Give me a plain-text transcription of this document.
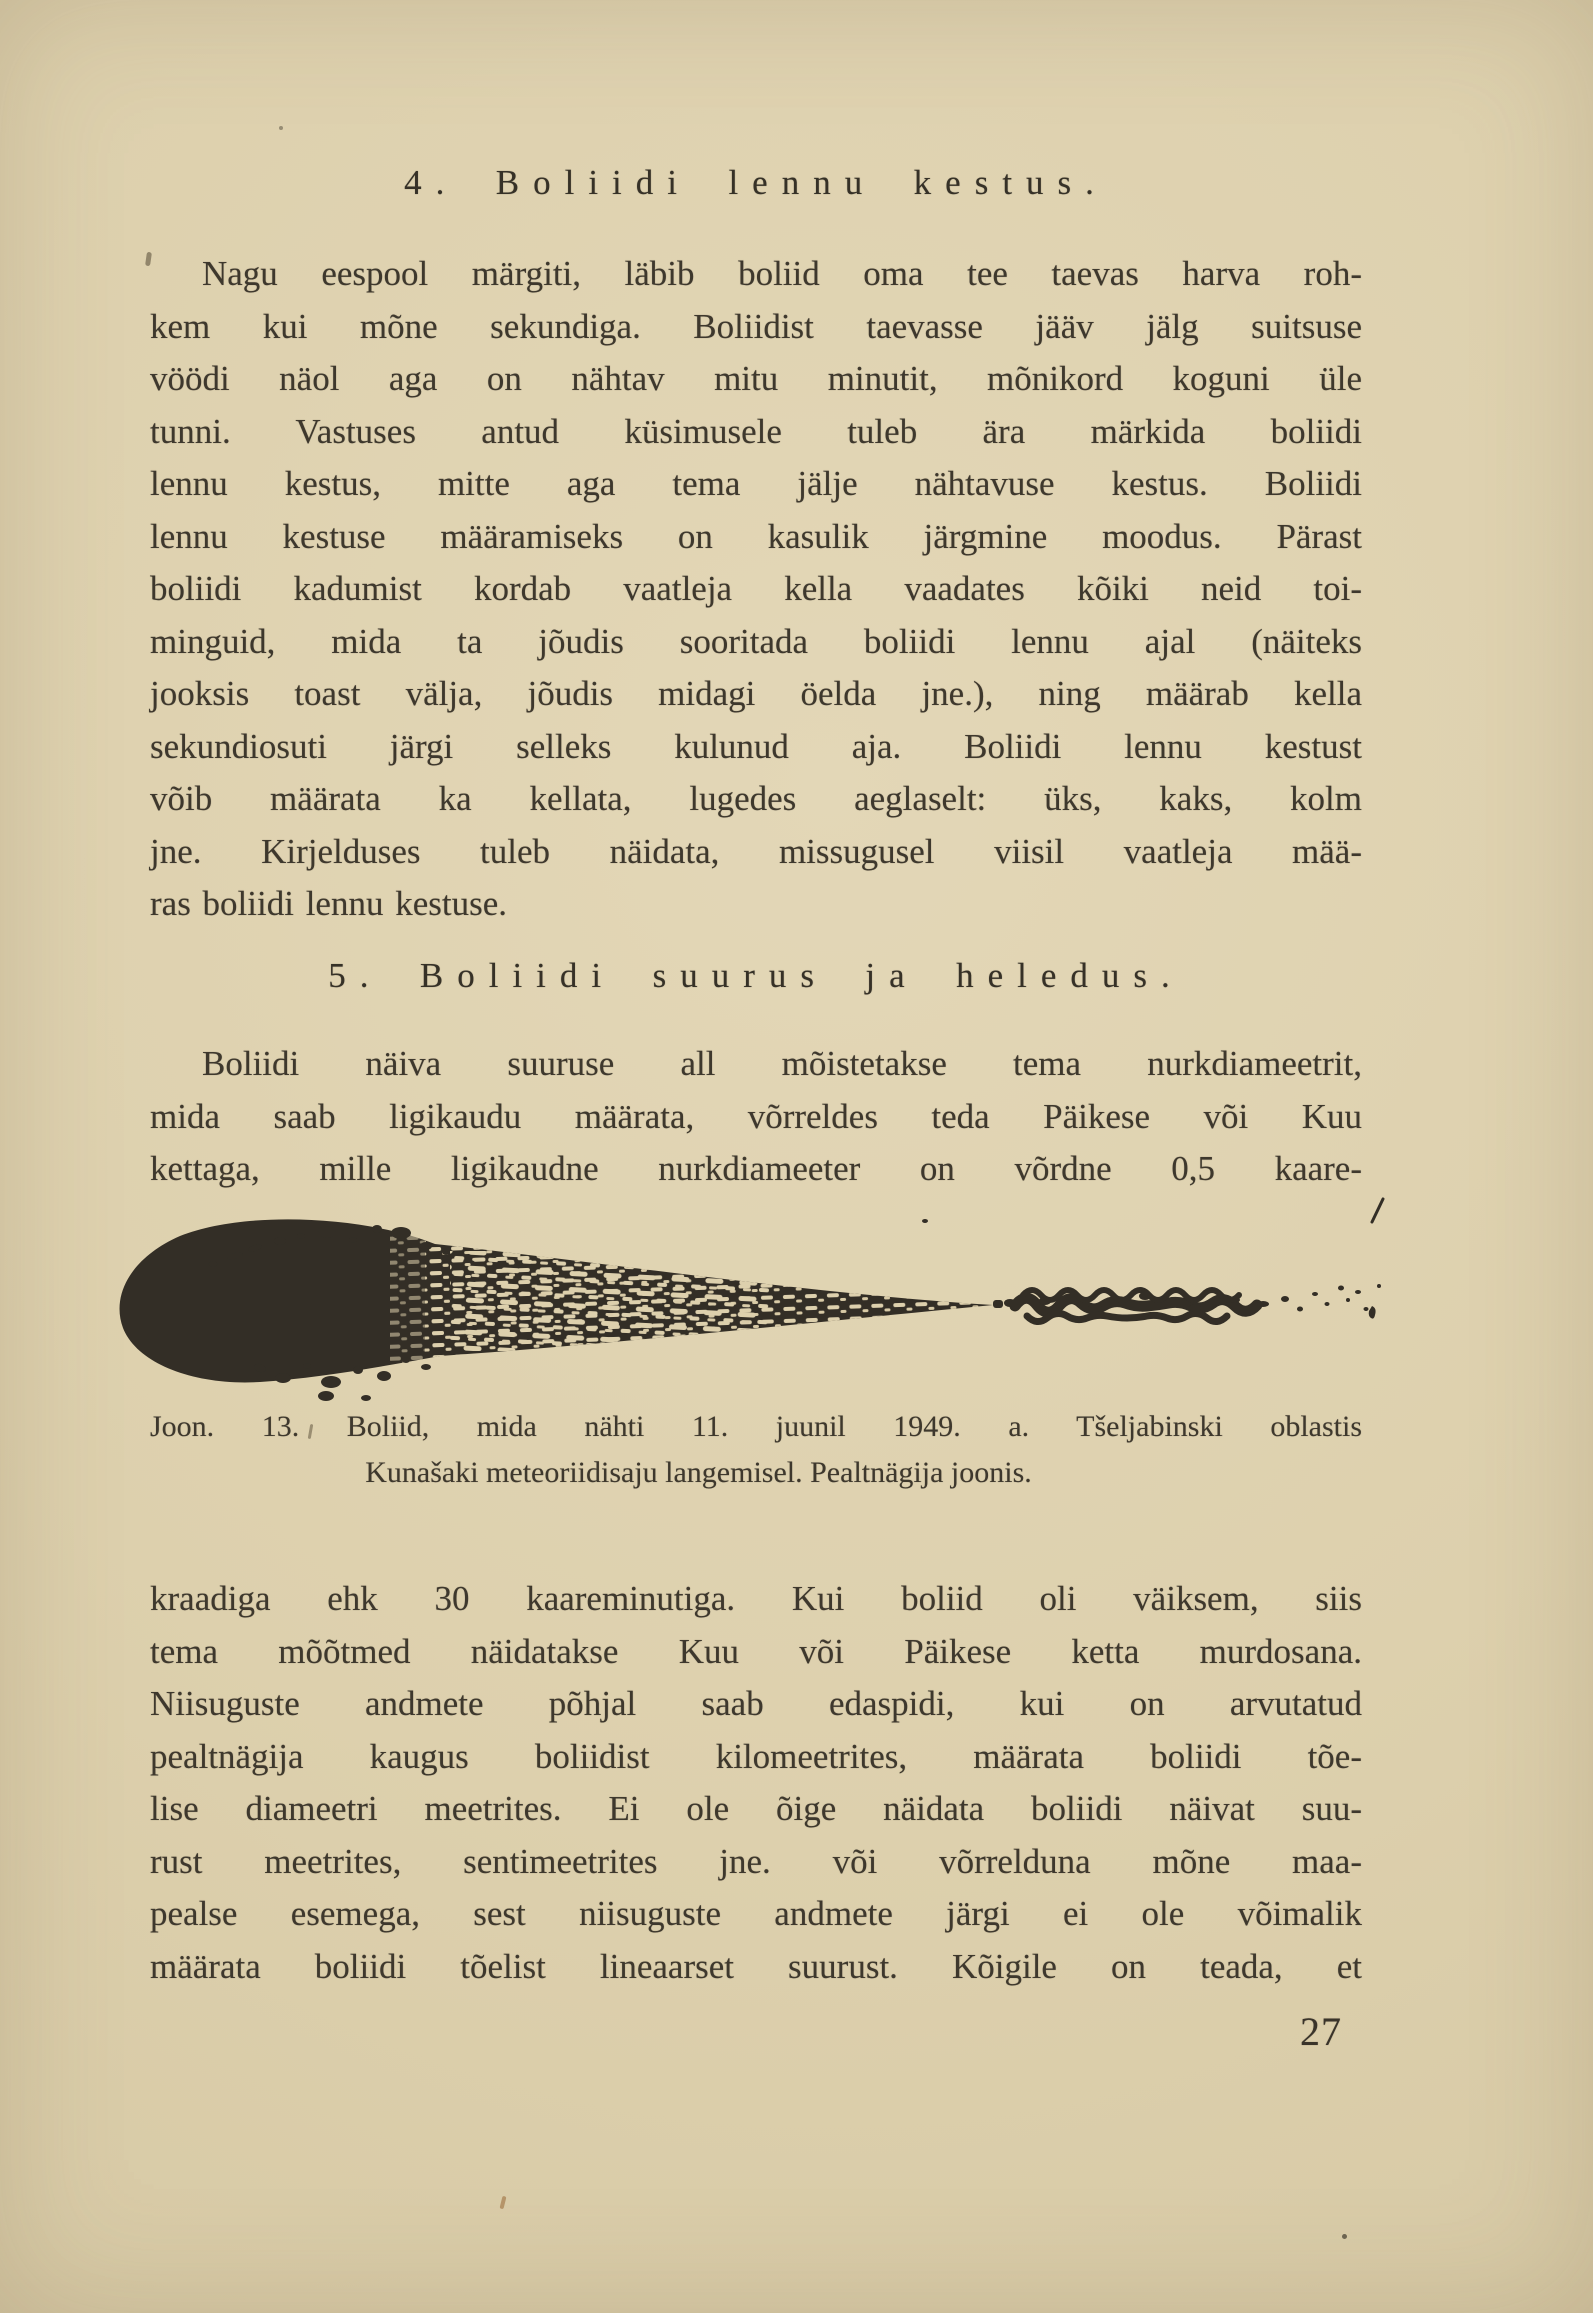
4. Boliidi lennu kestus.
Nagu eespool märgiti, läbib boliid oma tee taevas harva roh-
kem kui mõne sekundiga. Boliidist taevasse jääv jälg suitsuse
vöödi näol aga on nähtav mitu minutit, mõnikord koguni üle
tunni. Vastuses antud küsimusele tuleb ära märkida boliidi
lennu kestus, mitte aga tema jälje nähtavuse kestus. Boliidi
lennu kestuse määramiseks on kasulik järgmine moodus. Pärast
boliidi kadumist kordab vaatleja kella vaadates kõiki neid toi-
minguid, mida ta jõudis sooritada boliidi lennu ajal (näiteks
jooksis toast välja, jõudis midagi öelda jne.), ning määrab kella
sekundiosuti järgi selleks kulunud aja. Boliidi lennu kestust
võib määrata ka kellata, lugedes aeglaselt: üks, kaks, kolm
jne. Kirjelduses tuleb näidata, missugusel viisil vaatleja mää-
ras boliidi lennu kestuse.
5. Boliidi suurus ja heledus.
Boliidi näiva suuruse all mõistetakse tema nurkdiameetrit,
mida saab ligikaudu määrata, võrreldes teda Päikese või Kuu
kettaga, mille ligikaudne nurkdiameeter on võrdne 0,5 kaare-
Joon. 13. Boliid, mida nähti 11. juunil 1949. a. Tšeljabinski oblastis
Kunašaki meteoriidisaju langemisel. Pealtnägija joonis.
kraadiga ehk 30 kaareminutiga. Kui boliid oli väiksem, siis
tema mõõtmed näidatakse Kuu või Päikese ketta murdosana.
Niisuguste andmete põhjal saab edaspidi, kui on arvutatud
pealtnägija kaugus boliidist kilomeetrites, määrata boliidi tõe-
lise diameetri meetrites. Ei ole õige näidata boliidi näivat suu-
rust meetrites, sentimeetrites jne. või võrrelduna mõne maa-
pealse esemega, sest niisuguste andmete järgi ei ole võimalik
määrata boliidi tõelist lineaarset suurust. Kõigile on teada, et
27
